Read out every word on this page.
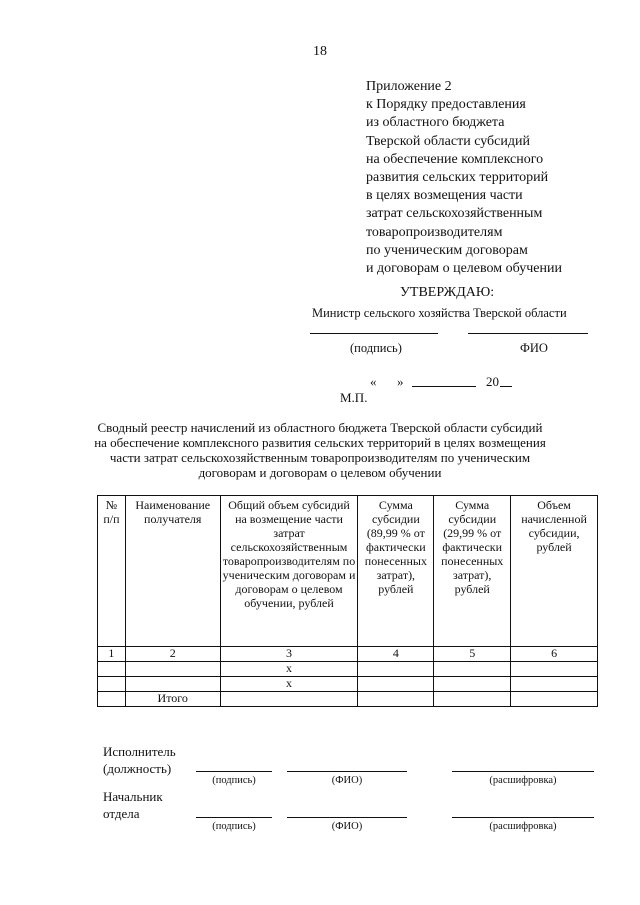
18
Приложение 2
к Порядку предоставления
из областного бюджета
Тверской области субсидий
на обеспечение комплексного
развития сельских территорий
в целях возмещения части
затрат сельскохозяйственным
товаропроизводителям
по ученическим договорам
и договорам о целевом обучении
УТВЕРЖДАЮ:
Министр сельского хозяйства Тверской области
(подпись)	ФИО
« »	20
М.П.
Сводный реестр начислений из областного бюджета Тверской области субсидий
на обеспечение комплексного развития сельских территорий в целях возмещения
части затрат сельскохозяйственным товаропроизводителям по ученическим
договорам и договорам о целевом обучении
№ п/п	Наименование получателя	Общий объем субсидий на возмещение части затрат сельскохозяйственным товаропроизводителям по ученическим договорам и договорам о целевом обучении, рублей	Сумма субсидии (89,99 % от фактически понесенных затрат), рублей	Сумма субсидии (29,99 % от фактически понесенных затрат), рублей	Объем начисленной субсидии, рублей
1	2	3	4	5	6
		x			
		x			
	Итого				
Исполнитель
(должность)
(подпись)	(ФИО)	(расшифровка)
Начальник
отдела
(подпись)	(ФИО)	(расшифровка)
